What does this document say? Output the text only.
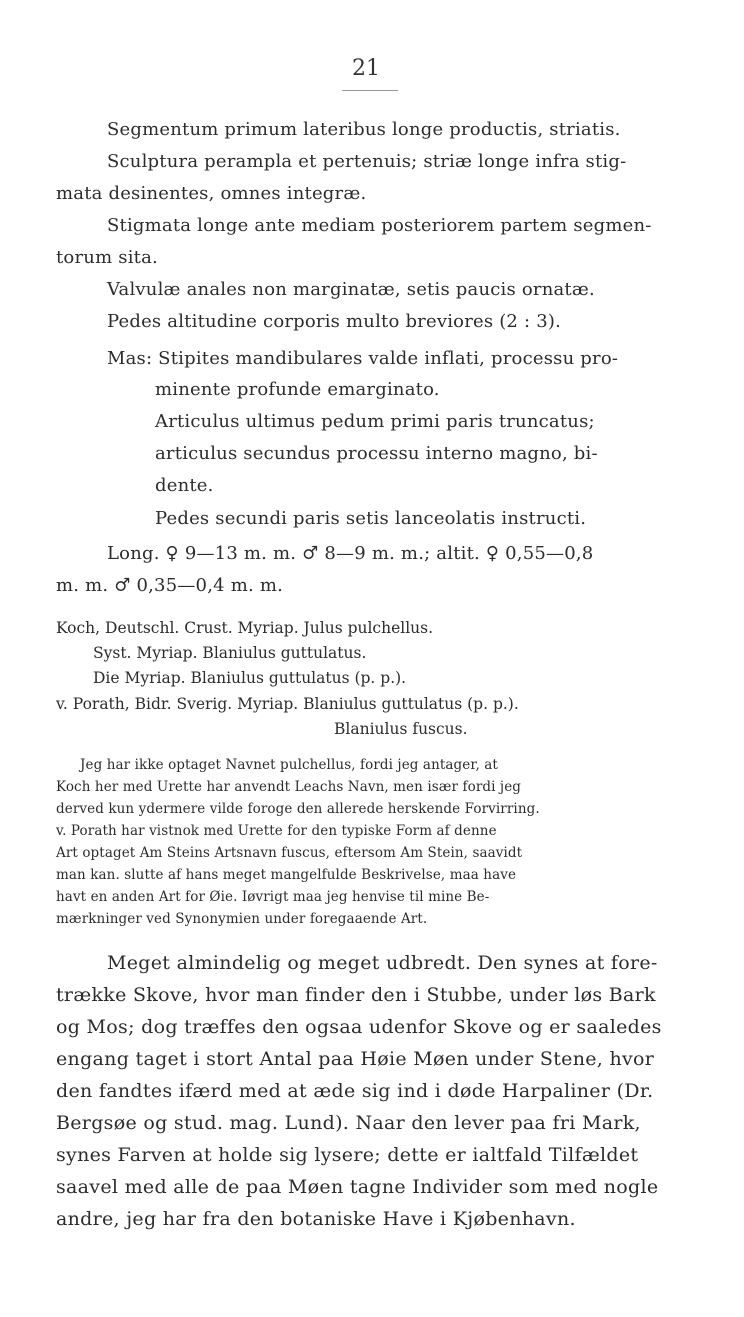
21
Segmentum primum lateribus longe productis, striatis.
Sculptura perampla et pertenuis; striæ longe infra stig-
mata desinentes, omnes integræ.
Stigmata longe ante mediam posteriorem partem segmen-
torum sita.
Valvulæ anales non marginatæ, setis paucis ornatæ.
Pedes altitudine corporis multo breviores (2 : 3).
Mas: Stipites mandibulares valde inflati, processu pro-
minente profunde emarginato.
Articulus ultimus pedum primi paris truncatus;
articulus secundus processu interno magno, bi-
dente.
Pedes secundi paris setis lanceolatis instructi.
Long. ♀ 9—13 m. m. ♂ 8—9 m. m.; altit. ♀ 0,55—0,8
m. m. ♂ 0,35—0,4 m. m.
Koch, Deutschl. Crust. Myriap. Julus pulchellus.
Syst. Myriap. Blaniulus guttulatus.
Die Myriap. Blaniulus guttulatus (p. p.).
v. Porath, Bidr. Sverig. Myriap. Blaniulus guttulatus (p. p.).
Blaniulus fuscus.
Jeg har ikke optaget Navnet pulchellus, fordi jeg antager, at
Koch her med Urette har anvendt Leachs Navn, men især fordi jeg
derved kun ydermere vilde foroge den allerede herskende Forvirring.
v. Porath har vistnok med Urette for den typiske Form af denne
Art optaget Am Steins Artsnavn fuscus, eftersom Am Stein, saavidt
man kan. slutte af hans meget mangelfulde Beskrivelse, maa have
havt en anden Art for Øie. Iøvrigt maa jeg henvise til mine Be-
mærkninger ved Synonymien under foregaaende Art.
Meget almindelig og meget udbredt. Den synes at fore-
trække Skove, hvor man finder den i Stubbe, under løs Bark
og Mos; dog træffes den ogsaa udenfor Skove og er saaledes
engang taget i stort Antal paa Høie Møen under Stene, hvor
den fandtes ifærd med at æde sig ind i døde Harpaliner (Dr.
Bergsøe og stud. mag. Lund). Naar den lever paa fri Mark,
synes Farven at holde sig lysere; dette er ialtfald Tilfældet
saavel med alle de paa Møen tagne Individer som med nogle
andre, jeg har fra den botaniske Have i Kjøbenhavn.
